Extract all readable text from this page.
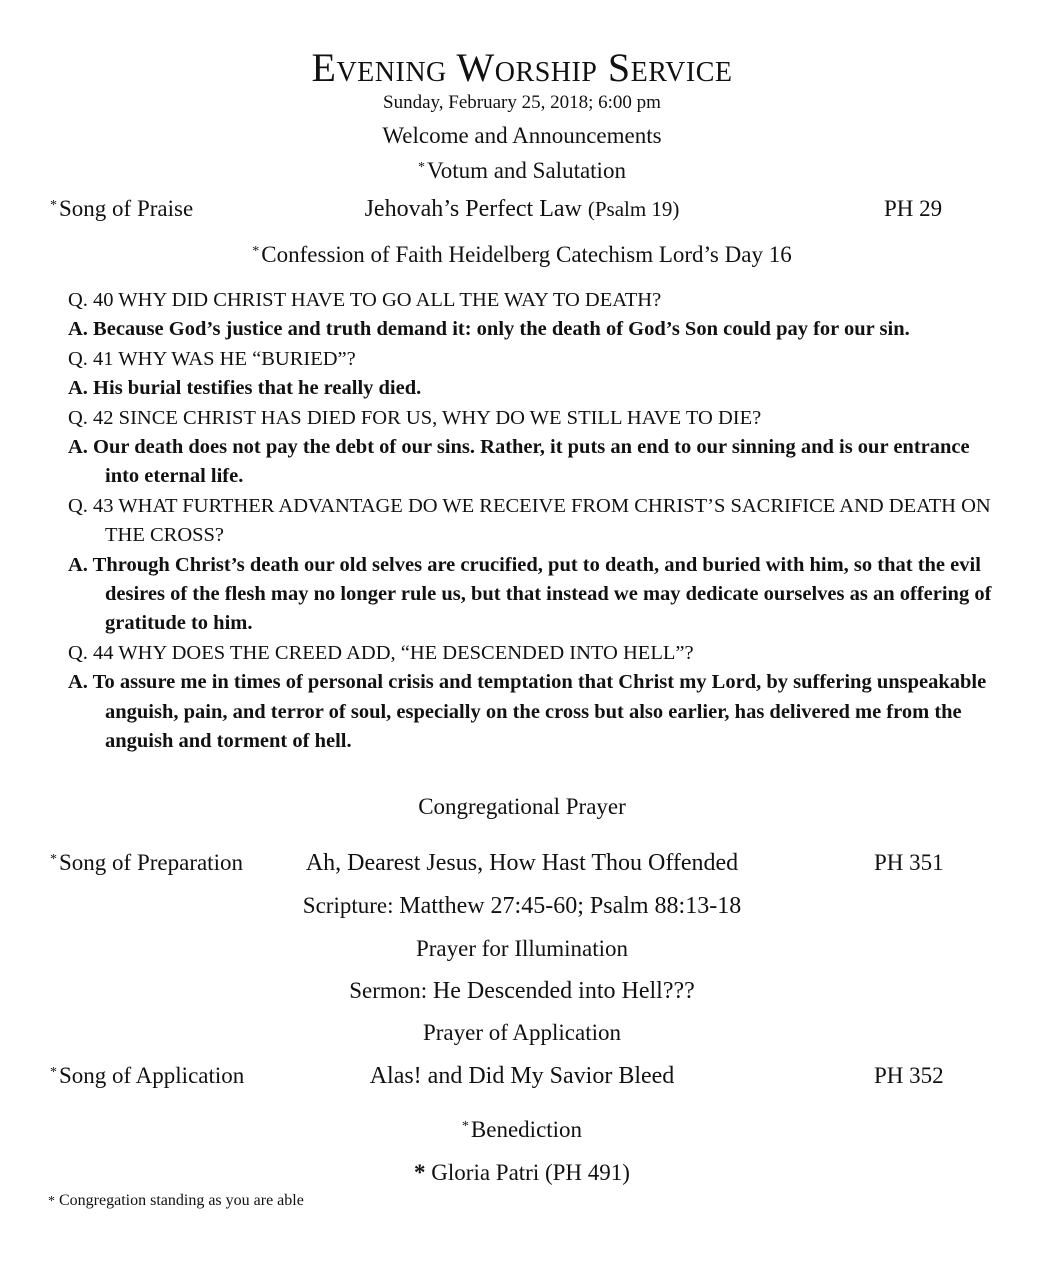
Evening Worship Service
Sunday, February 25, 2018; 6:00 pm
Welcome and Announcements
*Votum and Salutation
*Song of Praise	Jehovah’s Perfect Law (Psalm 19)	PH 29
*Confession of Faith Heidelberg Catechism Lord’s Day 16
Q. 40 WHY DID CHRIST HAVE TO GO ALL THE WAY TO DEATH?
A. Because God’s justice and truth demand it: only the death of God’s Son could pay for our sin.
Q. 41 WHY WAS HE “BURIED”?
A. His burial testifies that he really died.
Q. 42 SINCE CHRIST HAS DIED FOR US, WHY DO WE STILL HAVE TO DIE?
A. Our death does not pay the debt of our sins. Rather, it puts an end to our sinning and is our entrance into eternal life.
Q. 43 WHAT FURTHER ADVANTAGE DO WE RECEIVE FROM CHRIST’S SACRIFICE AND DEATH ON THE CROSS?
A. Through Christ’s death our old selves are crucified, put to death, and buried with him, so that the evil desires of the flesh may no longer rule us, but that instead we may dedicate ourselves as an offering of gratitude to him.
Q. 44 WHY DOES THE CREED ADD, “HE DESCENDED INTO HELL”?
A. To assure me in times of personal crisis and temptation that Christ my Lord, by suffering unspeakable anguish, pain, and terror of soul, especially on the cross but also earlier, has delivered me from the anguish and torment of hell.
Congregational Prayer
*Song of Preparation	Ah, Dearest Jesus, How Hast Thou Offended	PH 351
Scripture: Matthew 27:45-60; Psalm 88:13-18
Prayer for Illumination
Sermon: He Descended into Hell???
Prayer of Application
*Song of Application	Alas! and Did My Savior Bleed	PH 352
*Benediction
* Gloria Patri (PH 491)
* Congregation standing as you are able
